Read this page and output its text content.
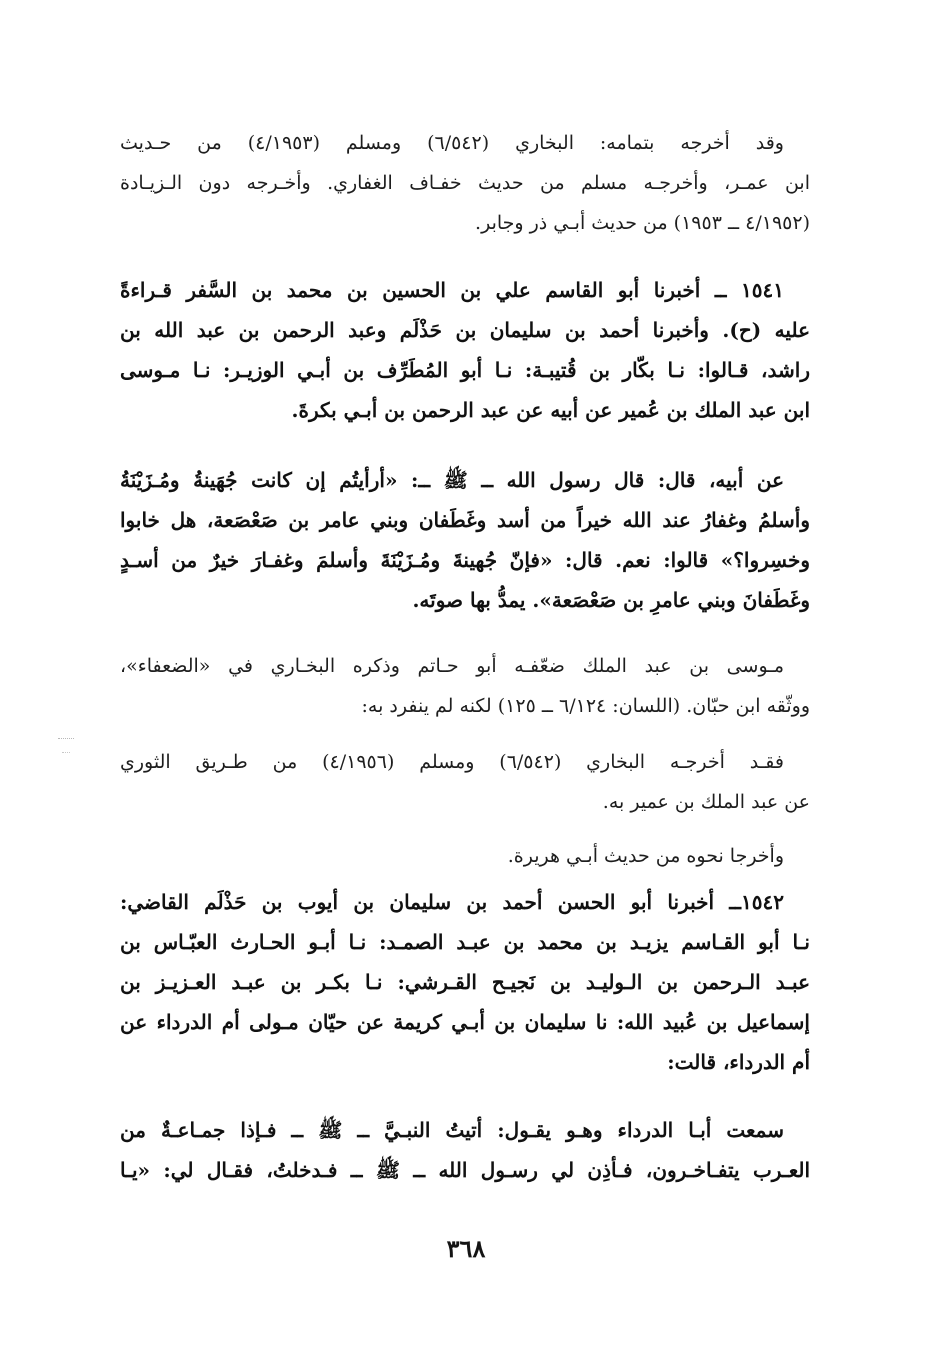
وقد أخرجه بتمامه: البخاري (٦/٥٤٢) ومسلم (٤/١٩٥٣) من حـديث
ابن عمـر، وأخرجـه مسلم من حديث خفـاف الغفاري. وأخـرجه دون الـزيـادة
(٤/١٩٥٢ ــ ١٩٥٣) من حديث أبـي ذر وجابر.
١٥٤١ ــ أخبرنا أبو القاسم علي بن الحسين بن محمد بن السَّفر قـراءةً
عليه (ح). وأخبرنا أحمد بن سليمان بن حَذْلَم وعبد الرحمن بن عبد الله بن
راشد، قـالوا: نـا بكّار بن قُتيبـة: نـا أبو المُطَرِّف بن أبـي الوزيـر: نـا مـوسى
ابن عبد الملك بن عُمير عن أبيه عن عبد الرحمن بن أبـي بكرةَ.
عن أبيه، قال: قال رسول الله ــ ﷺ ــ: «أرأيتُم إن كانت جُهَينةُ ومُـزَيْنَةُ
وأسلمُ وغفارُ عند الله خيراً من أسد وغَطَفان وبني عامر بن صَعْصَعة، هل خابوا
وخسِروا؟» قالوا: نعم. قال: «فإنّ جُهينةَ ومُـزَيْنَةَ وأسلمَ وغفـارَ خيرٌ من أسـدٍ
وغَطَفانَ وبني عامرِ بن صَعْصَعة». يمدُّ بها صوتَه.
مـوسى بن عبد الملك ضعّفـه أبو حـاتم وذكره البخـاري في «الضعفاء»،
ووثّقه ابن حبّان. (اللسان: ٦/١٢٤ ــ ١٢٥) لكنه لم ينفرد به:
فقـد أخرجـه البخاري (٦/٥٤٢) ومسلم (٤/١٩٥٦) من طـريق الثوري
عن عبد الملك بن عمير به.
وأخرجا نحوه من حديث أبـي هريرة.
١٥٤٢ــ أخبرنا أبو الحسن أحمد بن سليمان بن أيوب بن حَذْلَم القاضي:
نـا أبو القـاسم يزيـد بن محمد بن عبـد الصمـد: نـا أبـو الحـارث العبّـاس بن
عبـد الـرحمن بن الـوليـد بن نَجيـح القـرشي: نـا بكـر بن عبـد العـزيـز بن
إسماعيل بن عُبيد الله: نا سليمان بن أبـي كريمة عن حيّان مـولى أم الدرداء عن
أم الدرداء، قالت:
سمعت أبـا الدرداء وهـو يقـول: أتيتُ النبـيَّ ــ ﷺ ــ فـإذا جمـاعـةٌ من
العـرب يتفـاخـرون، فـأذِن لي رسـول الله ــ ﷺ ــ فـدخلتُ، فقـال لي: «يـا
٣٦٨
